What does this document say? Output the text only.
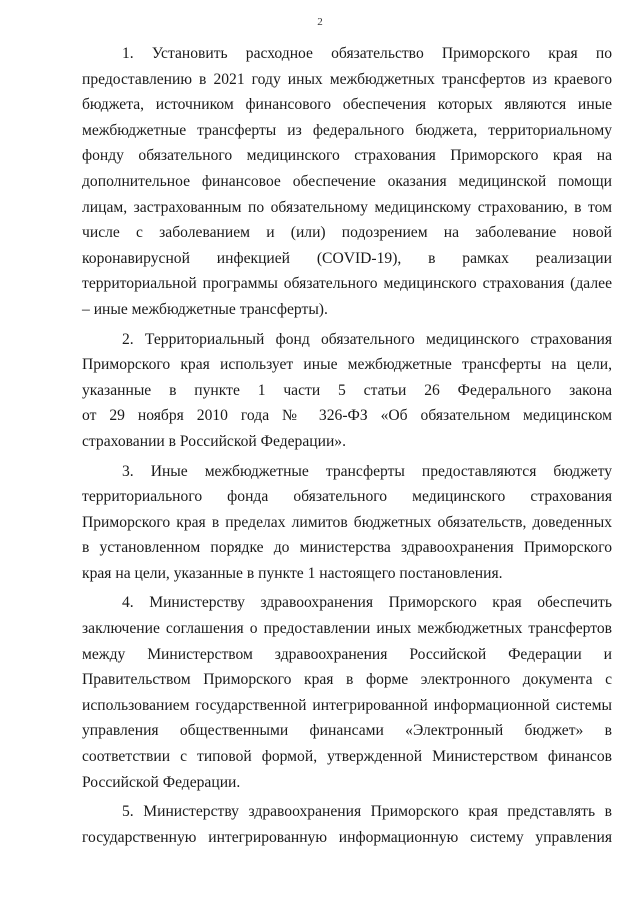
2

1. Установить расходное обязательство Приморского края по
предоставлению в 2021 году иных межбюджетных трансфертов из краевого
бюджета, источником финансового обеспечения которых являются иные
межбюджетные трансферты из федерального бюджета, территориальному
фонду обязательного медицинского страхования Приморского края на
дополнительное финансовое обеспечение оказания медицинской помощи
лицам, застрахованным по обязательному медицинскому страхованию, в том
числе с заболеванием и (или) подозрением на заболевание новой
коронавирусной инфекцией (COVID-19), в рамках реализации
территориальной программы обязательного медицинского страхования (далее
– иные межбюджетные трансферты).

2. Территориальный фонд обязательного медицинского страхования
Приморского края использует иные межбюджетные трансферты на цели,
указанные в пункте 1 части 5 статьи 26 Федерального закона
от 29 ноября 2010 года № 326-ФЗ «Об обязательном медицинском
страховании в Российской Федерации».

3. Иные межбюджетные трансферты предоставляются бюджету
территориального фонда обязательного медицинского страхования
Приморского края в пределах лимитов бюджетных обязательств, доведенных
в установленном порядке до министерства здравоохранения Приморского
края на цели, указанные в пункте 1 настоящего постановления.

4. Министерству здравоохранения Приморского края обеспечить
заключение соглашения о предоставлении иных межбюджетных трансфертов
между Министерством здравоохранения Российской Федерации и
Правительством Приморского края в форме электронного документа с
использованием государственной интегрированной информационной системы
управления общественными финансами «Электронный бюджет» в
соответствии с типовой формой, утвержденной Министерством финансов
Российской Федерации.

5. Министерству здравоохранения Приморского края представлять в
государственную интегрированную информационную систему управления
